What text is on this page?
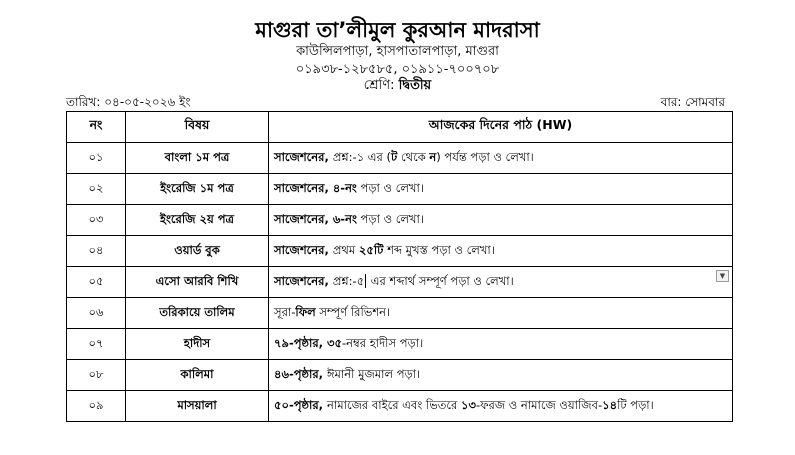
মাগুরা তা’লীমুল কুরআন মাদরাসা
কাউন্সিলপাড়া, হাসপাতালপাড়া, মাগুরা
০১৯৩৮-১২৮৫৮৫, ০১৯১১-৭০০৭০৮
শ্রেণি: দ্বিতীয়
তারিখ: ০৪-০৫-২০২৬ ইং	বার: সোমবার
নং	বিষয়	আজকের দিনের পাঠ (HW)
০১	বাংলা ১ম পত্র	সাজেশনের, প্রশ্ন:-১ এর (ট থেকে ন) পর্যন্ত পড়া ও লেখা।
০২	ইংরেজি ১ম পত্র	সাজেশনের, ৪-নং পড়া ও লেখা।
০৩	ইংরেজি ২য় পত্র	সাজেশনের, ৬-নং পড়া ও লেখা।
০৪	ওয়ার্ড বুক	সাজেশনের, প্রথম ২৫টি শব্দ মুখস্ত পড়া ও লেখা।
০৫	এসো আরবি শিখি	সাজেশনের, প্রশ্ন:-৫ এর শব্দার্থ সম্পূর্ণ পড়া ও লেখা। ▼

০৬	তরিকায়ে তালিম	সূরা-ফিল সম্পূর্ণ রিভিশন।
০৭	হাদীস	৭৯-পৃষ্ঠার, ৩৫-নম্বর হাদীস পড়া।
০৮	কালিমা	৪৬-পৃষ্ঠার, ঈমানী মুজমাল পড়া।
০৯	মাসয়ালা	৫০-পৃষ্ঠার, নামাজের বাইরে এবং ভিতরে ১৩-ফরজ ও নামাজে ওয়াজিব-১৪টি পড়া।
